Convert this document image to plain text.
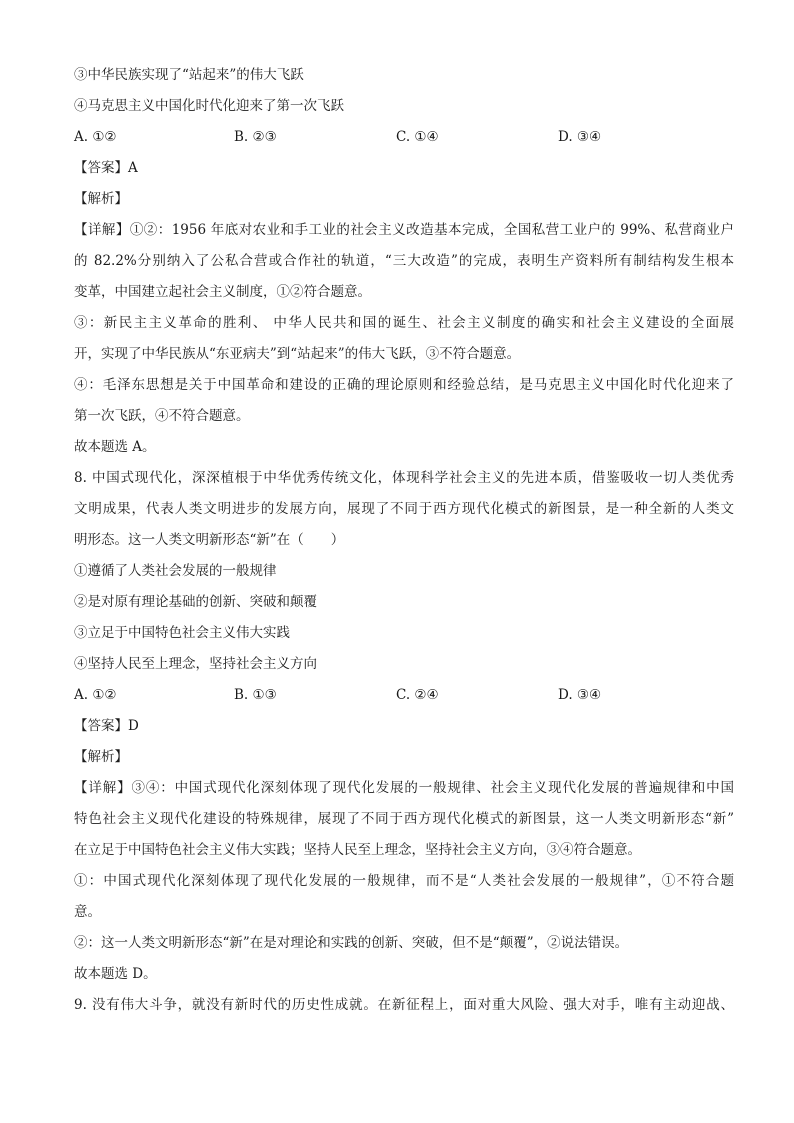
③中华民族实现了“站起来”的伟大飞跃
④马克思主义中国化时代化迎来了第一次飞跃
A. ①②	B. ②③	C. ①④	D. ③④
【答案】A
【解析】
【详解】①②：1956 年底对农业和手工业的社会主义改造基本完成，全国私营工业户的 99%、私营商业户
的 82.2%分别纳入了公私合营或合作社的轨道，“三大改造”的完成，表明生产资料所有制结构发生根本
变革，中国建立起社会主义制度，①②符合题意。
③：新民主主义革命的胜利、 中华人民共和国的诞生、社会主义制度的确实和社会主义建设的全面展
开，实现了中华民族从“东亚病夫”到“站起来”的伟大飞跃，③不符合题意。
④：毛泽东思想是关于中国革命和建设的正确的理论原则和经验总结，是马克思主义中国化时代化迎来了
第一次飞跃，④不符合题意。
故本题选 A。
8. 中国式现代化，深深植根于中华优秀传统文化，体现科学社会主义的先进本质，借鉴吸收一切人类优秀
文明成果，代表人类文明进步的发展方向，展现了不同于西方现代化模式的新图景，是一种全新的人类文
明形态。这一人类文明新形态“新”在（　　）
①遵循了人类社会发展的一般规律
②是对原有理论基础的创新、突破和颠覆
③立足于中国特色社会主义伟大实践
④坚持人民至上理念，坚持社会主义方向
A. ①②	B. ①③	C. ②④	D. ③④
【答案】D
【解析】
【详解】③④：中国式现代化深刻体现了现代化发展的一般规律、社会主义现代化发展的普遍规律和中国
特色社会主义现代化建设的特殊规律，展现了不同于西方现代化模式的新图景，这一人类文明新形态“新”
在立足于中国特色社会主义伟大实践；坚持人民至上理念，坚持社会主义方向，③④符合题意。
①：中国式现代化深刻体现了现代化发展的一般规律，而不是“人类社会发展的一般规律”，①不符合题
意。
②：这一人类文明新形态“新”在是对理论和实践的创新、突破，但不是“颠覆”，②说法错误。
故本题选 D。
9. 没有伟大斗争，就没有新时代的历史性成就。在新征程上，面对重大风险、强大对手，唯有主动迎战、
